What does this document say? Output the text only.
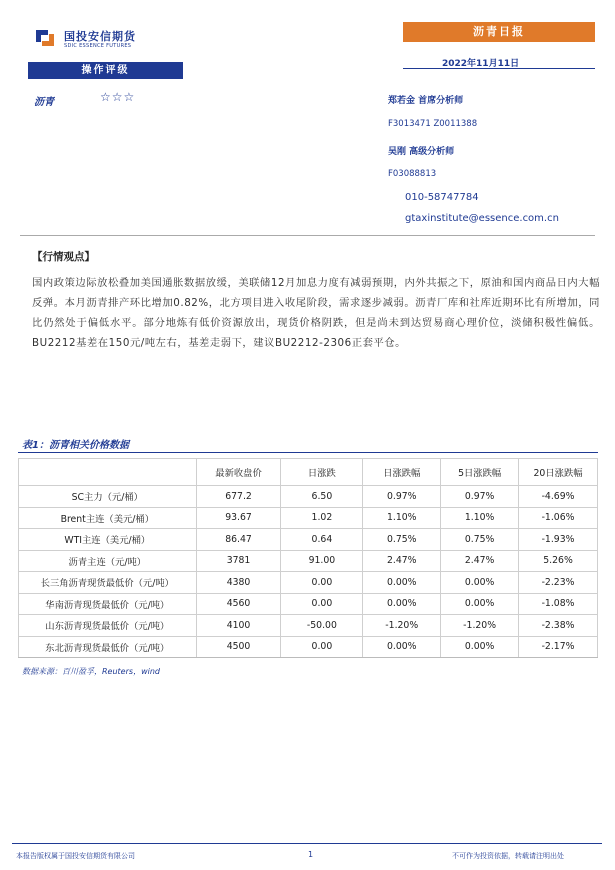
国投安信期货
SDIC ESSENCE FUTURES
沥青日报
2022年11月11日
操作评级
沥青	☆☆☆	郑若金 首席分析师
F3013471 Z0011388
吴刚 高级分析师
F03088813
010-58747784
gtaxinstitute@essence.com.cn
【行情观点】
国内政策边际放松叠加美国通胀数据放缓，美联储12月加息力度有减弱预期，内外共振之下，原油和国内商品日内大幅反弹。本月沥青排产环比增加0.82%，北方项目进入收尾阶段，需求逐步减弱。沥青厂库和社库近期环比有所增加，同比仍然处于偏低水平。部分地炼有低价资源放出，现货价格阴跌，但是尚未到达贸易商心理价位，淡储积极性偏低。BU2212基差在150元/吨左右，基差走弱下，建议BU2212-2306正套平仓。
表1：沥青相关价格数据
	最新收盘价	日涨跌	日涨跌幅	5日涨跌幅	20日涨跌幅
SC主力（元/桶）	677.2	6.50	0.97%	0.97%	-4.69%
Brent主连（美元/桶）	93.67	1.02	1.10%	1.10%	-1.06%
WTI主连（美元/桶）	86.47	0.64	0.75%	0.75%	-1.93%
沥青主连（元/吨）	3781	91.00	2.47%	2.47%	5.26%
长三角沥青现货最低价（元/吨）	4380	0.00	0.00%	0.00%	-2.23%
华南沥青现货最低价（元/吨）	4560	0.00	0.00%	0.00%	-1.08%
山东沥青现货最低价（元/吨）	4100	-50.00	-1.20%	-1.20%	-2.38%
东北沥青现货最低价（元/吨）	4500	0.00	0.00%	0.00%	-2.17%
数据来源：百川盈孚，Reuters，wind
本报告版权属于国投安信期货有限公司	1	不可作为投资依据，转载请注明出处
